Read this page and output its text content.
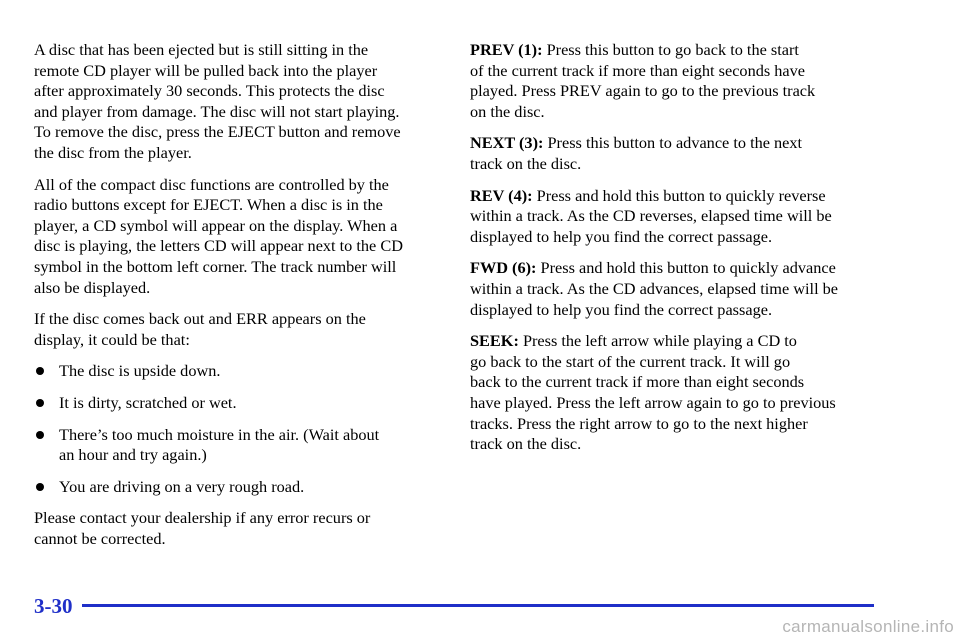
A disc that has been ejected but is still sitting in the
remote CD player will be pulled back into the player
after approximately 30 seconds. This protects the disc
and player from damage. The disc will not start playing.
To remove the disc, press the EJECT button and remove
the disc from the player.

All of the compact disc functions are controlled by the
radio buttons except for EJECT. When a disc is in the
player, a CD symbol will appear on the display. When a
disc is playing, the letters CD will appear next to the CD
symbol in the bottom left corner. The track number will
also be displayed.

If the disc comes back out and ERR appears on the
display, it could be that:

The disc is upside down.
It is dirty, scratched or wet.
There’s too much moisture in the air. (Wait about
an hour and try again.)
You are driving on a very rough road.

Please contact your dealership if any error recurs or
cannot be corrected.

PREV (1): Press this button to go back to the start
of the current track if more than eight seconds have
played. Press PREV again to go to the previous track
on the disc.

NEXT (3): Press this button to advance to the next
track on the disc.

REV (4): Press and hold this button to quickly reverse
within a track. As the CD reverses, elapsed time will be
displayed to help you find the correct passage.

FWD (6): Press and hold this button to quickly advance
within a track. As the CD advances, elapsed time will be
displayed to help you find the correct passage.

SEEK: Press the left arrow while playing a CD to
go back to the start of the current track. It will go
back to the current track if more than eight seconds
have played. Press the left arrow again to go to previous
tracks. Press the right arrow to go to the next higher
track on the disc.

3-30
carmanualsonline.info
